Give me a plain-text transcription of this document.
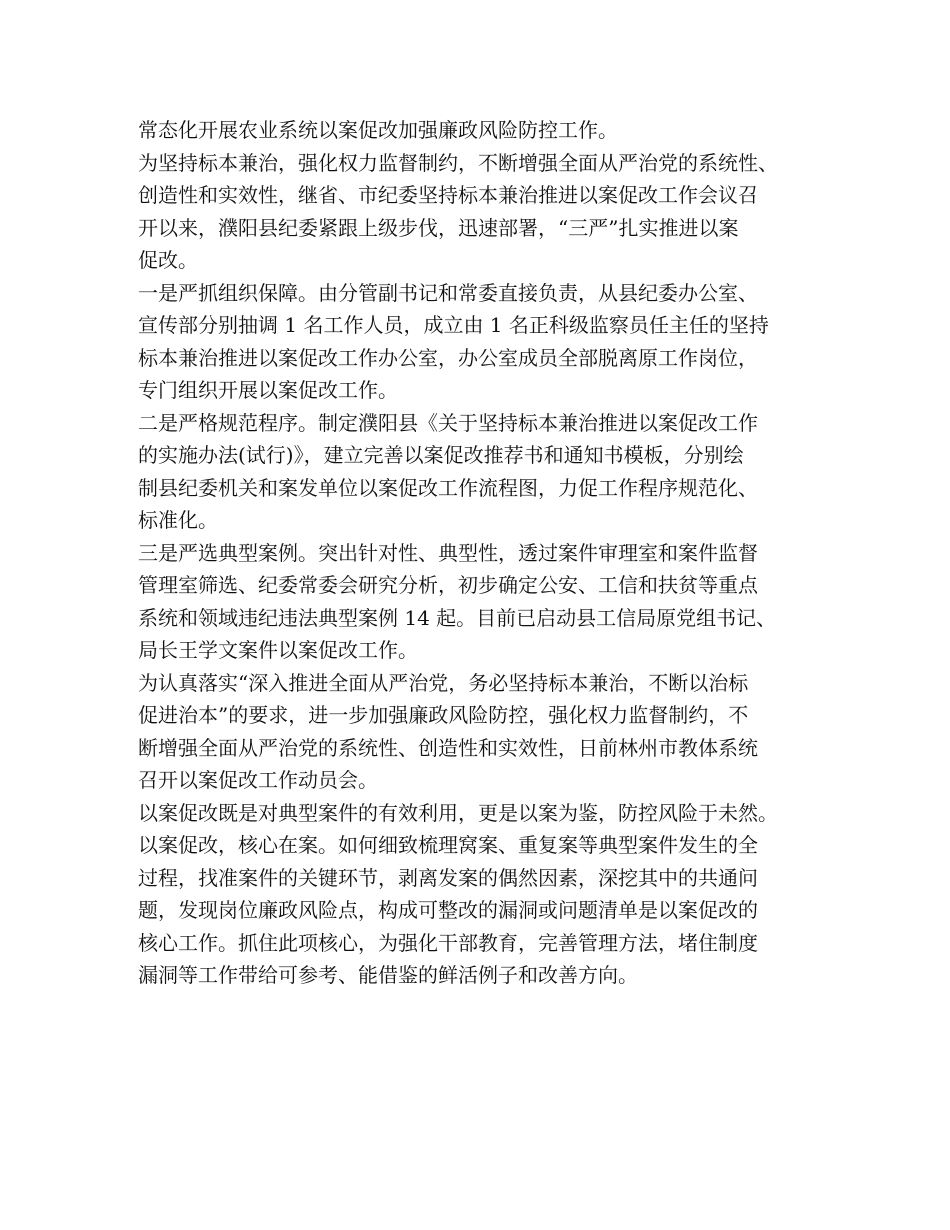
常态化开展农业系统以案促改加强廉政风险防控工作。
为坚持标本兼治，强化权力监督制约，不断增强全面从严治党的系统性、
创造性和实效性，继省、市纪委坚持标本兼治推进以案促改工作会议召
开以来，濮阳县纪委紧跟上级步伐，迅速部署，“三严”扎实推进以案
促改。
一是严抓组织保障。由分管副书记和常委直接负责，从县纪委办公室、
宣传部分别抽调 1 名工作人员，成立由 1 名正科级监察员任主任的坚持
标本兼治推进以案促改工作办公室，办公室成员全部脱离原工作岗位，
专门组织开展以案促改工作。
二是严格规范程序。制定濮阳县《关于坚持标本兼治推进以案促改工作
的实施办法(试行)》，建立完善以案促改推荐书和通知书模板，分别绘
制县纪委机关和案发单位以案促改工作流程图，力促工作程序规范化、
标准化。
三是严选典型案例。突出针对性、典型性，透过案件审理室和案件监督
管理室筛选、纪委常委会研究分析，初步确定公安、工信和扶贫等重点
系统和领域违纪违法典型案例 14 起。目前已启动县工信局原党组书记、
局长王学文案件以案促改工作。
为认真落实“深入推进全面从严治党，务必坚持标本兼治，不断以治标
促进治本”的要求，进一步加强廉政风险防控，强化权力监督制约，不
断增强全面从严治党的系统性、创造性和实效性，日前林州市教体系统
召开以案促改工作动员会。
以案促改既是对典型案件的有效利用，更是以案为鉴，防控风险于未然。
以案促改，核心在案。如何细致梳理窝案、重复案等典型案件发生的全
过程，找准案件的关键环节，剥离发案的偶然因素，深挖其中的共通问
题，发现岗位廉政风险点，构成可整改的漏洞或问题清单是以案促改的
核心工作。抓住此项核心，为强化干部教育，完善管理方法，堵住制度
漏洞等工作带给可参考、能借鉴的鲜活例子和改善方向。
